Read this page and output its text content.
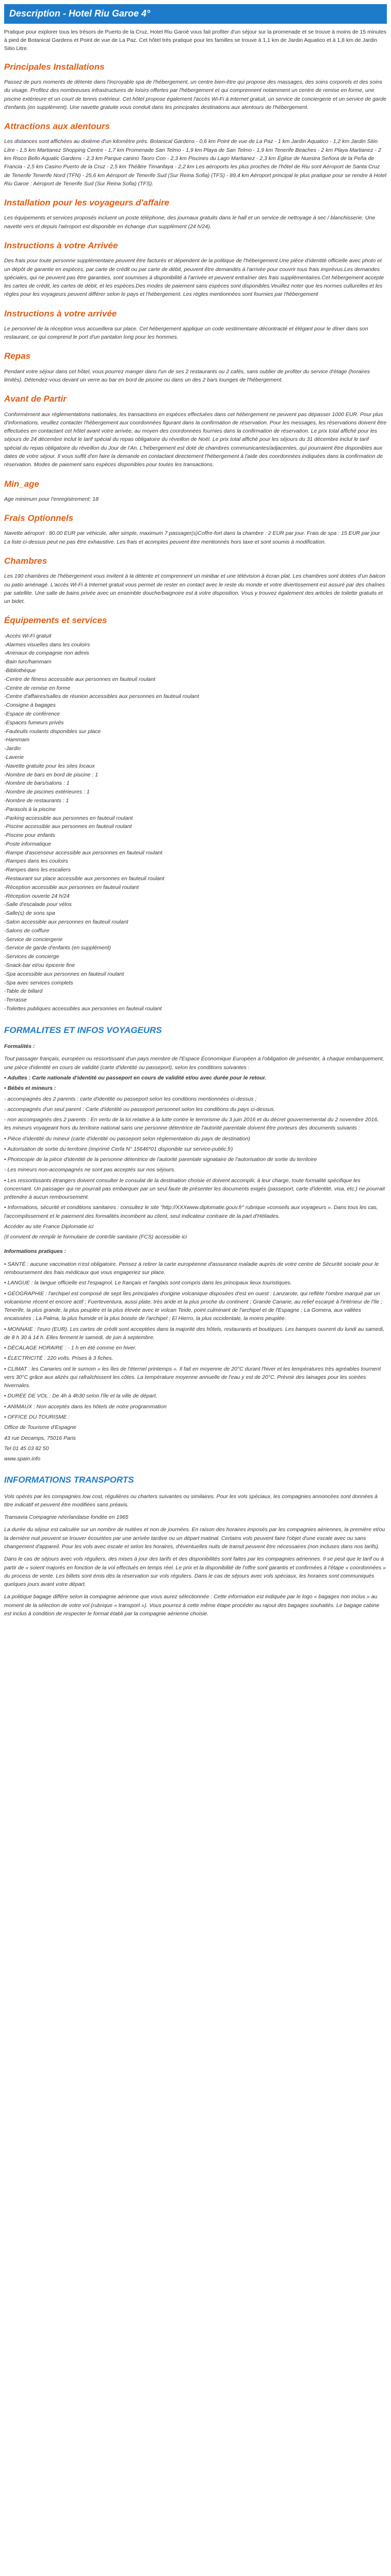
Description - Hotel Riu Garoe 4°

Pratique pour explorer tous les trésors de Puerto de la Cruz, Hotel Riu Garoé vous fait profiter d'un séjour sur la promenade et se trouve à moins de 15 minutes à pied de Botanical Gardens et Point de vue de La Paz. Cet hôtel très pratique pour les familles se trouve à 1,1 km de Jardin Aquatico et à 1,8 km de Jardin Sitio Litre.

Principales Installations

Passez de purs moments de détente dans l'incroyable spa de l'hébergement, un centre bien-être qui propose des massages, des soins corporels et des soins du visage. Profitez des nombreuses infrastructures de loisirs offertes par l'hébergement et qui comprennent notamment un centre de remise en forme, une piscine extérieure et un court de tennis extérieur. Cet hôtel propose également l'accès Wi-Fi à Internet gratuit, un service de conciergerie et un service de garde d'enfants (en supplément). Une navette gratuite vous conduit dans les principales destinations aux alentours de l'hébergement.

Attractions aux alentours

Les distances sont affichées au dixième d'un kilomètre près. Botanical Gardens - 0,6 km Point de vue de La Paz - 1 km Jardin Aquatico - 1,2 km Jardin Sitio Litre - 1,5 km Martianez Shopping Centre - 1,7 km Promenade San Telmo - 1,9 km Playa de San Telmo - 1,9 km Tenerife Beaches - 2 km Playa Martianez - 2 km Risco Bello Aquatic Gardens - 2,3 km Parque canino Taoro Con - 2,3 km Piscines du Lago Martianez - 2,3 km Église de Nuestra Señora de la Peña de Francia - 2,5 km Casino Puerto de la Cruz - 2,5 km Théâtre Timanfaya - 2,2 km Les aéroports les plus proches de l'hôtel de Riu sont Aéroport de Santa Cruz de Tenerife Tenerife Nord (TFN) - 25,6 km Aéroport de Tenerife Sud (Sur Reina Sofia) (TFS) - 89,4 km Aéroport principal le plus pratique pour se rendre à Hotel Riu Garoe : Aéroport de Tenerife Sud (Sur Reina Sofia) (TFS).

Installation pour les voyageurs d'affaire

Les équipements et services proposés incluent un poste téléphone, des journaux gratuits dans le hall et un service de nettoyage à sec / blanchisserie. Une navette vers et depuis l'aéroport est disponible en échange d'un supplément (24 h/24).

Instructions à votre Arrivée

Des frais pour toute personne supplémentaire peuvent être facturés et dépendent de la politique de l'hébergement.Une pièce d'identité officielle avec photo et un dépôt de garantie en espèces, par carte de crédit ou par carte de débit, peuvent être demandés à l'arrivée pour couvrir tous frais imprévus.Les demandes spéciales, qui ne peuvent pas être garanties, sont soumises à disponibilité à l'arrivée et peuvent entraîner des frais supplémentaires.Cet hébergement accepte les cartes de crédit, les cartes de débit, et les espèces.Des modes de paiement sans espèces sont disponibles.Veuillez noter que les normes culturelles et les règles pour les voyageurs peuvent différer selon le pays et l'hébergement. Les règles mentionnées sont fournies par l'hébergement

Instructions à votre arrivée

Le personnel de la réception vous accueillera sur place. Cet hébergement applique un code vestimentaire décontracté et élégant pour le dîner dans son restaurant, ce qui comprend le port d'un pantalon long pour les hommes.

Repas

Pendant votre séjour dans cet hôtel, vous pourrez manger dans l'un de ses 2 restaurants ou 2 cafés, sans oublier de profiter du service d'étage (horaires limités). Détendez-vous devant un verre au bar en bord de piscine ou dans un des 2 bars lounges de l'hébergement.

Avant de Partir

Conformément aux réglementations nationales, les transactions en espèces effectuées dans cet hébergement ne peuvent pas dépasser 1000 EUR. Pour plus d'informations, veuillez contacter l'hébergement aux coordonnées figurant dans la confirmation de réservation. Pour les messages, les réservations doivent être effectuées en contactant cet hôtel avant votre arrivée, au moyen des coordonnées fournies dans la confirmation de réservation. Le prix total affiché pour les séjours de 24 décembre inclut le tarif spécial du repas obligatoire du réveillon de Noël. Le prix total affiché pour les séjours du 31 décembre inclut le tarif spécial du repas obligatoire du réveillon du Jour de l'An. L'hébergement est doté de chambres communicantes/adjacentes, qui pourraient être disponibles aux dates de votre séjour. Il vous suffit d'en faire la demande en contactant directement l'hébergement à l'aide des coordonnées indiquées dans la confirmation de réservation. Modes de paiement sans espèces disponibles pour toutes les transactions.

Min_age

Age minimum pour l'enregistrement: 18

Frais Optionnels

Navette aéroport : 80.00 EUR par véhicule, aller simple, maximum 7 passager(s)Coffre-fort dans la chambre : 2 EUR par jour. Frais de spa : 15 EUR par jour La liste ci-dessus peut ne pas être exhaustive. Les frais et acomptes peuvent être mentionnés hors taxe et sont soumis à modification.

Chambres

Les 190 chambres de l'hébergement vous invitent à la détente et comprennent un minibar et une télévision à écran plat. Les chambres sont dotées d'un balcon ou patio aménagé. L'accès Wi-Fi à Internet gratuit vous permet de rester en contact avec le reste du monde et votre divertissement est assuré par des chaînes par satellite. Une salle de bains privée avec un ensemble douche/baignoire est à votre disposition. Vous y trouvez également des articles de toilette gratuits et un bidet.

Équipements et services
-Accès Wi-Fi gratuit
-Alarmes visuelles dans les couloirs
-Animaux de compagnie non admis
-Bain turc/hammam
-Bibliothèque
-Centre de fitness accessible aux personnes en fauteuil roulant
-Centre de remise en forme
-Centre d'affaires/salles de réunion accessibles aux personnes en fauteuil roulant
-Consigne à bagages
-Espace de conférence
-Espaces fumeurs privés
-Fauteuils roulants disponibles sur place
-Hammam
-Jardin
-Laverie
-Navette gratuite pour les sites locaux
-Nombre de bars en bord de piscine : 1
-Nombre de bars/salons : 1
-Nombre de piscines extérieures : 1
-Nombre de restaurants : 1
-Parasols à la piscine
-Parking accessible aux personnes en fauteuil roulant
-Piscine accessible aux personnes en fauteuil roulant
-Piscine pour enfants
-Poste informatique
-Rampe d'ascenseur accessible aux personnes en fauteuil roulant
-Rampes dans les couloirs
-Rampes dans les escaliers
-Restaurant sur place accessible aux personnes en fauteuil roulant
-Réception accessible aux personnes en fauteuil roulant
-Réception ouverte 24 h/24
-Salle d'escalade pour vélos
-Salle(s) de sons spa
-Salon accessible aux personnes en fauteuil roulant
-Salons de coiffure
-Service de conciergerie
-Service de garde d'enfants (en supplément)
-Services de concierge
-Snack-bar et/ou épicerie fine
-Spa accessible aux personnes en fauteuil roulant
-Spa avec services complets
-Table de billard
-Terrasse
-Toilettes publiques accessibles aux personnes en fauteuil roulant
FORMALITES ET INFOS VOYAGEURS

Formalités :

Tout passager français, européen ou ressortissant d'un pays membre de l'Espace Économique Européen a l'obligation de présenter, à chaque embarquement, une pièce d'identité en cours de validité (carte d'identité ou passeport), selon les conditions suivantes :

• Adultes : Carte nationale d'identité ou passeport en cours de validité et/ou avec durée pour le retour.

• Bébés et mineurs :

- accompagnés des 2 parents : carte d'identité ou passeport selon les conditions mentionnées ci-dessus ;

- accompagnés d'un seul parent : Carte d'identité ou passeport personnel selon les conditions du pays ci-dessus.

- non accompagnés des 2 parents : En vertu de la loi relative à la lutte contre le terrorisme du 3 juin 2016 et du décret gouvernemental du 2 novembre 2016, les mineurs voyageant hors du territoire national sans une personne détentrice de l'autorité parentale doivent être porteurs des documents suivants :

• Pièce d'identité du mineur (carte d'identité ou passeport selon réglementation du pays de destination)

• Autorisation de sortie du territoire (imprimé Cerfa N° 15646*01 disponible sur service-public.fr)

• Photocopie de la pièce d'identité de la personne détentrice de l'autorité parentale signataire de l'autorisation de sortie du territoire

- Les mineurs non-accompagnés ne sont pas acceptés sur nos séjours.

• Les ressortissants étrangers doivent consulter le consulat de la destination choisie et doivent accomplir, à leur charge, toute formalité spécifique les concernant. Un passager qui ne pourrait pas embarquer par un seul faute de présenter les documents exigés (passeport, carte d'identité, visa, etc.) ne pourrait prétendre à aucun remboursement.

• Informations, sécurité et conditions sanitaires : consultez le site "http://XXXwww.diplomatie.gouv.fr" rubrique «conseils aux voyageurs ». Dans tous les cas, l'accomplissement et le paiement des formalités incombent au client, seul indicateur contraire de la part d'Héliades.

Accéder au site France Diplomatie ici

(Il convient de remplir le formulaire de contrôle sanitaire (FCS) accessible ici

Informations pratiques :

• SANTÉ : aucune vaccination n'est obligatoire. Pensez à retirer la carte européenne d'assurance maladie auprès de votre centre de Sécurité sociale pour le remboursement des frais médicaux que vous engageriez sur place.

• LANGUE : la langue officielle est l'espagnol. Le français et l'anglais sont compris dans les principaux lieux touristiques.

• GÉOGRAPHIE : l'archipel est composé de sept îles principales d'origine volcanique disposées d'est en ouest : Lanzarote, qui reflète l'ombre marqué par un volcanisme récent et encore actif ; Fuerteventura, aussi plate, très aride et la plus proche du continent ; Grande Canarie, au relief escarpé à l'intérieur de l'île ; Tenerife, la plus grande, la plus peuplée et la plus élevée avec le volcan Teide, point culminant de l'archipel et de l'Espagne ; La Gomera, aux vallées encaissées ; La Palma, la plus humide et la plus boisée de l'archipel ; El Hierro, la plus occidentale, la moins peuplée.

• MONNAIE : l'euro (EUR). Les cartes de crédit sont acceptées dans la majorité des hôtels, restaurants et boutiques. Les banques ouvrent du lundi au samedi, de 8 h 30 à 14 h. Elles ferment le samedi, de juin à septembre.

• DÉCALAGE HORAIRE : - 1 h en été comme en hiver.

• ÉLECTRICITÉ : 220 volts. Prises à 3 fiches.

• CLIMAT : les Canaries ont le surnom « les îles de l'éternel printemps ». Il fait en moyenne de 20°C durant l'hiver et les températures très agréables tournent vers 30°C grâce aux alizés qui rafraîchissent les côtes. La température moyenne annuelle de l'eau y est de 20°C. Prévoir des lainages pour les soirées hivernales.

• DURÉE DE VOL : De 4h à 4h30 selon l'île et la ville de départ.

• ANIMAUX : Non acceptés dans les hôtels de notre programmation

• OFFICE DU TOURISME :

Office de Tourisme d'Espagne

43 rue Decamps, 75016 Paris

Tel 01 45 03 82 50

www.spain.info

INFORMATIONS TRANSPORTS

Vols opérés par les compagnies low cost, régulières ou charters suivantes ou similaires. Pour les vols spéciaux, les compagnies annoncées sont données à titre indicatif et peuvent être modifiées sans préavis.

Transavia Compagnie néerlandaise fondée en 1965

La durée du séjour est calculée sur un nombre de nuitées et non de journées. En raison des horaires imposés par les compagnies aériennes, la première et/ou la dernière nuit peuvent se trouver écourtées par une arrivée tardive ou un départ matinal. Certains vols peuvent faire l'objet d'une escale avec ou sans changement d'appareil. Pour les vols avec escale et selon les horaires, d'éventuelles nuits de transit peuvent être nécessaires (non incluses dans nos tarifs).

Dans le cas de séjours avec vols réguliers, des mises à jour des tarifs et des disponibilités sont faites par les compagnies aériennes. Il se peut que le tarif ou à partir de « soient majorés en fonction de la vol effectués en temps réel. Le prix et la disponibilité de l'offre sont garantis et confirmées à l'étape « coordonnées » du process de vente. Les billets sont émis dès la réservation sur vols réguliers. Dans le cas de séjours avec vols spéciaux, les horaires sont communiqués quelques jours avant votre départ.

La politique bagage diffère selon la compagnie aérienne que vous aurez sélectionnée : Cette information est indiquée par le logo « bagages non inclus » au moment de la sélection de votre vol (rubrique « transport »). Vous pourrez à cette même étape procéder au rajout des bagages souhaités. Le bagage cabine est inclus à condition de respecter le format établi par la compagnie aérienne choisie.
